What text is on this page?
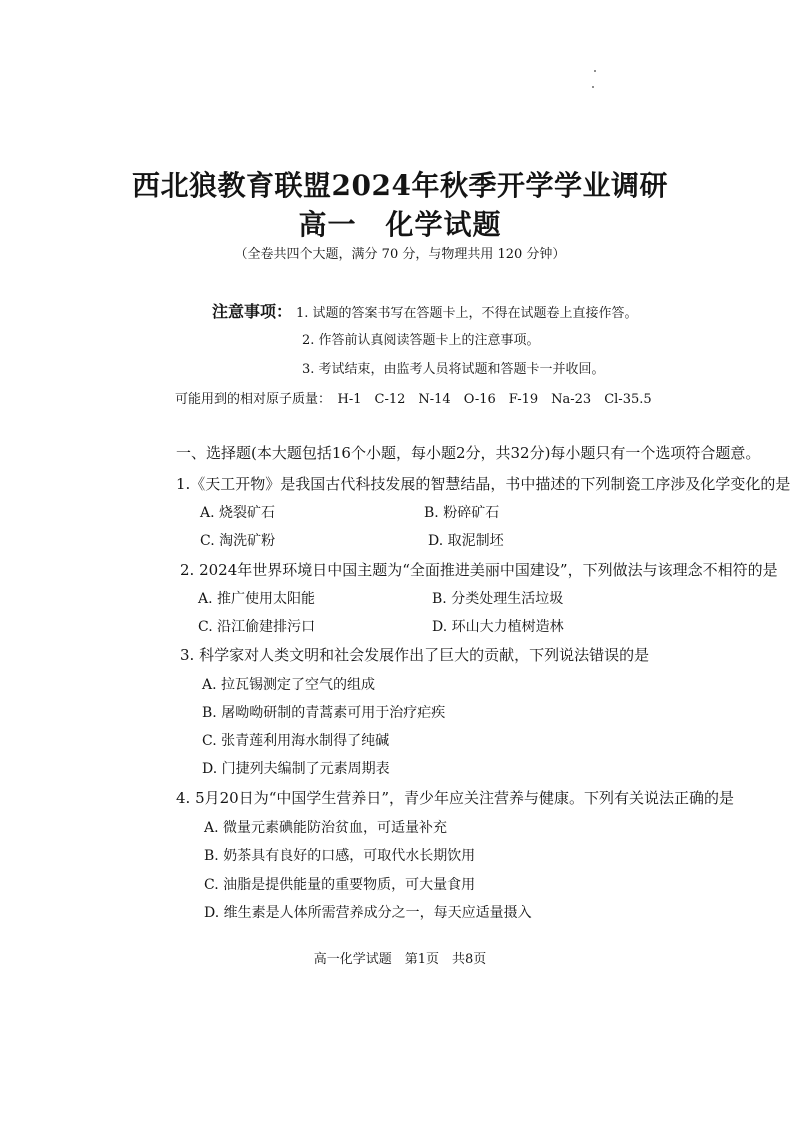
西北狼教育联盟2024年秋季开学学业调研
高一　化学试题
（全卷共四个大题，满分 70 分，与物理共用 120 分钟）
注意事项： 1. 试题的答案书写在答题卡上，不得在试题卷上直接作答。
2. 作答前认真阅读答题卡上的注意事项。
3. 考试结束，由监考人员将试题和答题卡一并收回。
可能用到的相对原子质量：　H-1　C-12　N-14　O-16　F-19　Na-23　Cl-35.5
一、选择题(本大题包括16个小题，每小题2分，共32分)每小题只有一个选项符合题意。
1.《天工开物》是我国古代科技发展的智慧结晶，书中描述的下列制瓷工序涉及化学变化的是
A. 烧裂矿石	B. 粉碎矿石
C. 淘洗矿粉	D. 取泥制坯
2. 2024年世界环境日中国主题为“全面推进美丽中国建设”，下列做法与该理念不相符的是
A. 推广使用太阳能	B. 分类处理生活垃圾
C. 沿江偷建排污口	D. 环山大力植树造林
3. 科学家对人类文明和社会发展作出了巨大的贡献，下列说法错误的是
A. 拉瓦锡测定了空气的组成
B. 屠呦呦研制的青蒿素可用于治疗疟疾
C. 张青莲利用海水制得了纯碱
D. 门捷列夫编制了元素周期表
4. 5月20日为“中国学生营养日”，青少年应关注营养与健康。下列有关说法正确的是
A. 微量元素碘能防治贫血，可适量补充
B. 奶茶具有良好的口感，可取代水长期饮用
C. 油脂是提供能量的重要物质，可大量食用
D. 维生素是人体所需营养成分之一，每天应适量摄入
高一化学试题　第1页　共8页
